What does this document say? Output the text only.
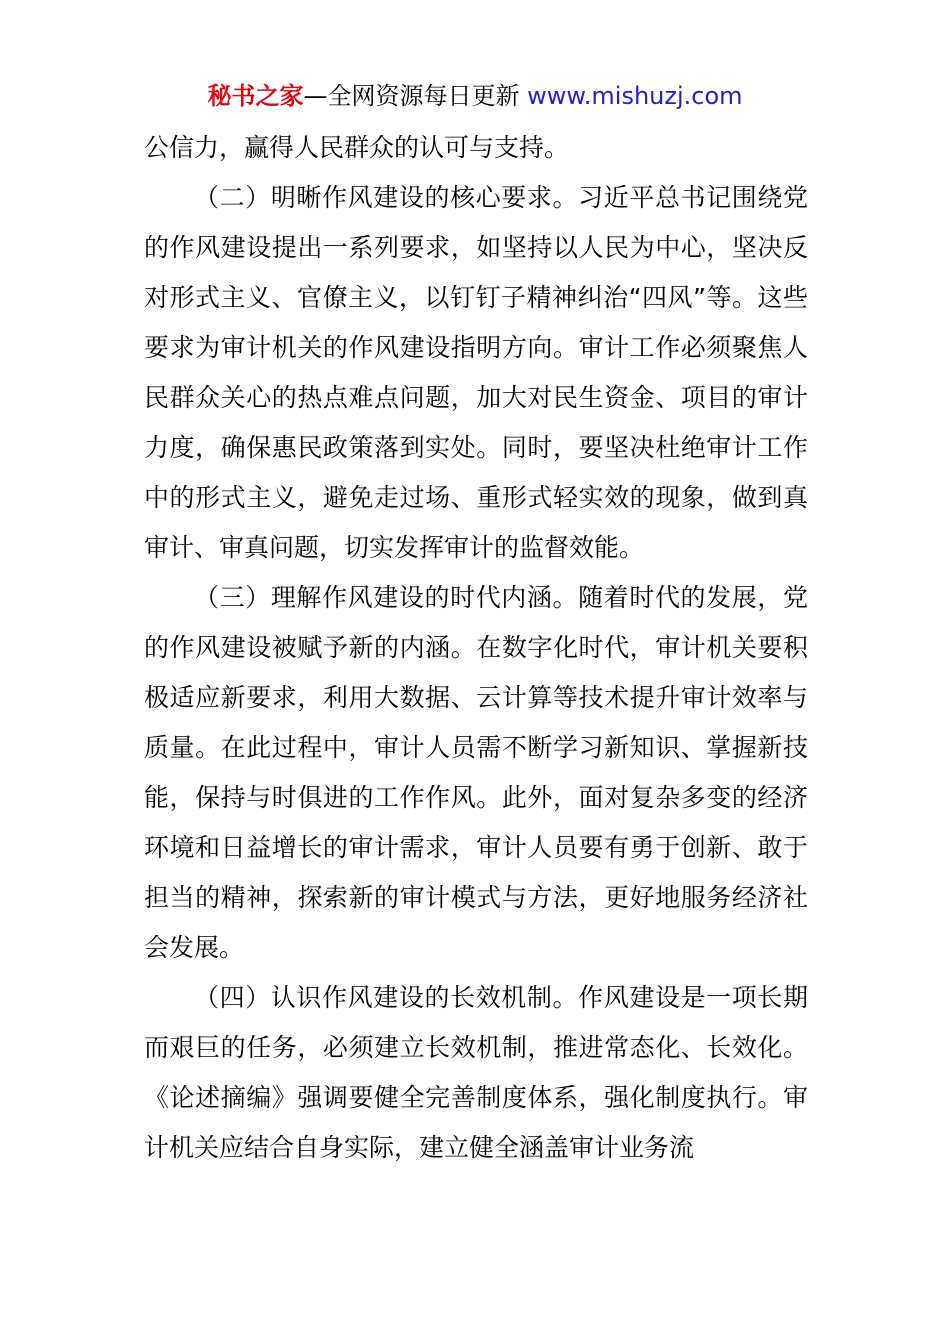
秘书之家—全网资源每日更新 www.mishuzj.com

公信力，赢得人民群众的认可与支持。

（二）明晰作风建设的核心要求。习近平总书记围绕党的作风建设提出一系列要求，如坚持以人民为中心，坚决反对形式主义、官僚主义，以钉钉子精神纠治“四风”等。这些要求为审计机关的作风建设指明方向。审计工作必须聚焦人民群众关心的热点难点问题，加大对民生资金、项目的审计力度，确保惠民政策落到实处。同时，要坚决杜绝审计工作中的形式主义，避免走过场、重形式轻实效的现象，做到真审计、审真问题，切实发挥审计的监督效能。

（三）理解作风建设的时代内涵。随着时代的发展，党的作风建设被赋予新的内涵。在数字化时代，审计机关要积极适应新要求，利用大数据、云计算等技术提升审计效率与质量。在此过程中，审计人员需不断学习新知识、掌握新技能，保持与时俱进的工作作风。此外，面对复杂多变的经济环境和日益增长的审计需求，审计人员要有勇于创新、敢于担当的精神，探索新的审计模式与方法，更好地服务经济社会发展。

（四）认识作风建设的长效机制。作风建设是一项长期而艰巨的任务，必须建立长效机制，推进常态化、长效化。《论述摘编》强调要健全完善制度体系，强化制度执行。审计机关应结合自身实际，建立健全涵盖审计业务流
